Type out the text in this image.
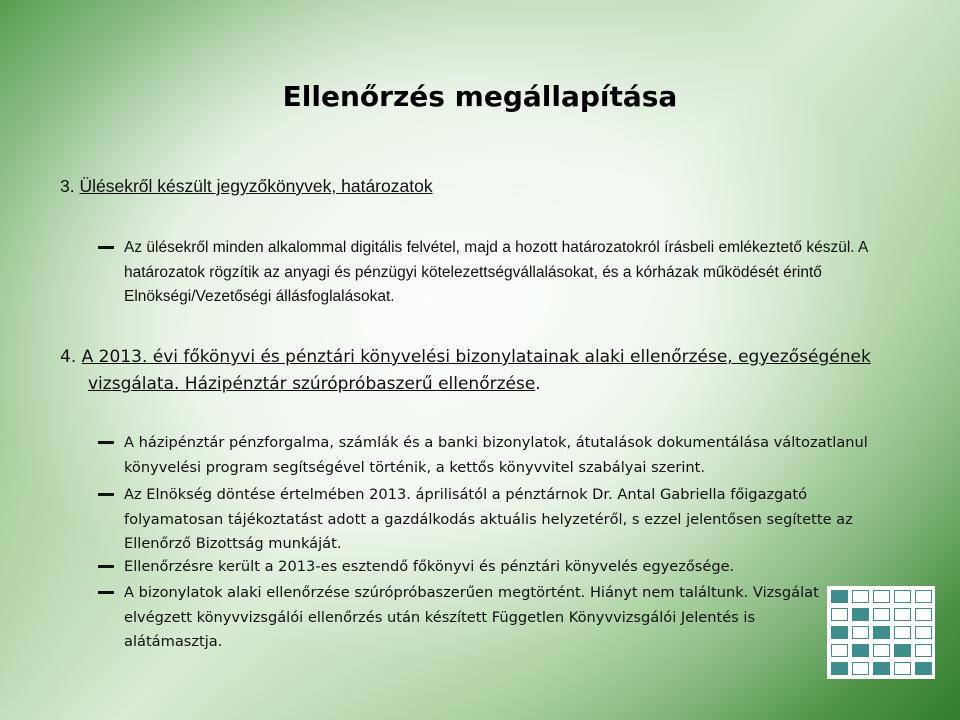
Ellenőrzés megállapítása
3. Ülésekről készült jegyzőkönyvek, határozatok
Az ülésekről minden alkalommal digitális felvétel, majd a hozott határozatokról írásbeli emlékeztető készül. A határozatok rögzítik az anyagi és pénzügyi kötelezettségvállalásokat, és a kórházak működését érintő Elnökségi/Vezetőségi állásfoglalásokat.
4. A 2013. évi főkönyvi és pénztári könyvelési bizonylatainak alaki ellenőrzése, egyezőségének
vizsgálata. Házipénztár szúrópróbaszerű ellenőrzése.
A házipénztár pénzforgalma, számlák és a banki bizonylatok, átutalások dokumentálása változatlanul könyvelési program segítségével történik, a kettős könyvvitel szabályai szerint.
Az Elnökség döntése értelmében 2013. áprilisától a pénztárnok Dr. Antal Gabriella főigazgató folyamatosan tájékoztatást adott a gazdálkodás aktuális helyzetéről, s ezzel jelentősen segítette az Ellenőrző Bizottság munkáját.
Ellenőrzésre került a 2013-es esztendő főkönyvi és pénztári könyvelés egyezősége.
A bizonylatok alaki ellenőrzése szúrópróbaszerűen megtörtént. Hiányt nem találtunk. Vizsgálat elvégzett könyvvizsgálói ellenőrzés után készített Független Könyvvizsgálói Jelentés is alátámasztja.
